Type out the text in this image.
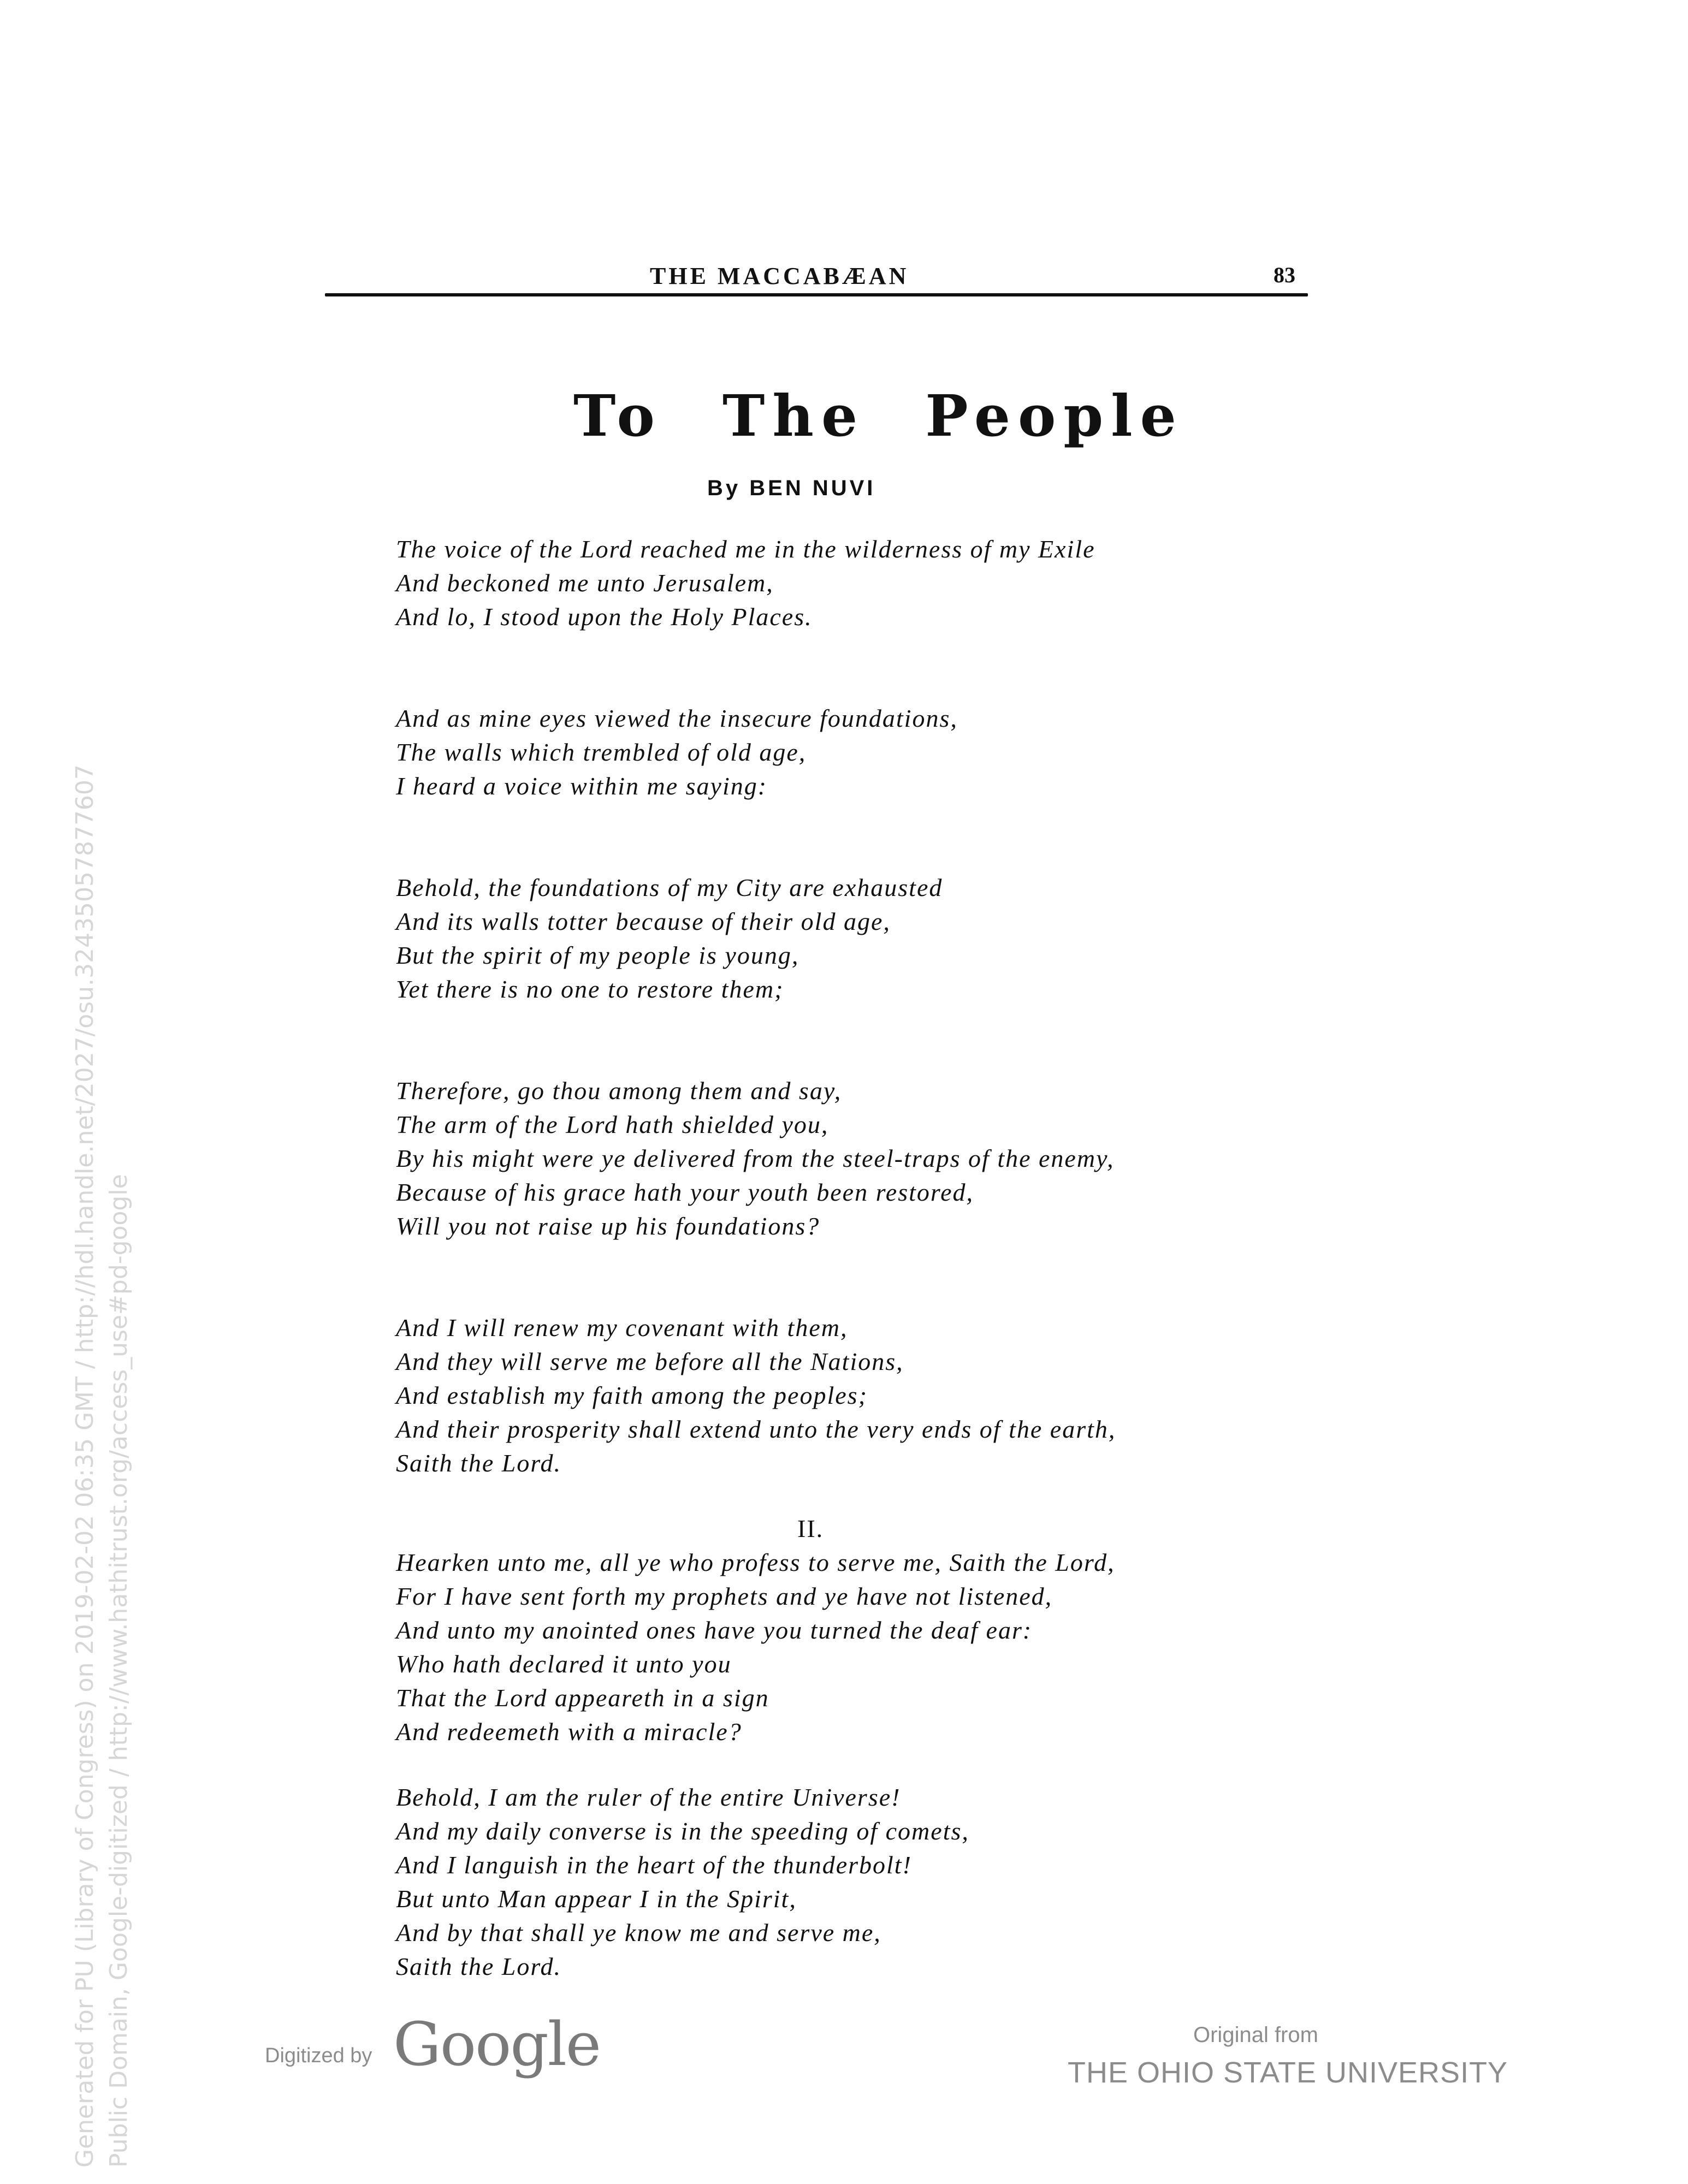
THE MACCABÆAN	83
To The People
By BEN NUVI
The voice of the Lord reached me in the wilderness of my Exile
And beckoned me unto Jerusalem,
And lo, I stood upon the Holy Places.
And as mine eyes viewed the insecure foundations,
The walls which trembled of old age,
I heard a voice within me saying:
Behold, the foundations of my City are exhausted
And its walls totter because of their old age,
But the spirit of my people is young,
Yet there is no one to restore them;
Therefore, go thou among them and say,
The arm of the Lord hath shielded you,
By his might were ye delivered from the steel-traps of the enemy,
Because of his grace hath your youth been restored,
Will you not raise up his foundations?
And I will renew my covenant with them,
And they will serve me before all the Nations,
And establish my faith among the peoples;
And their prosperity shall extend unto the very ends of the earth,
Saith the Lord.
II.
Hearken unto me, all ye who profess to serve me, Saith the Lord,
For I have sent forth my prophets and ye have not listened,
And unto my anointed ones have you turned the deaf ear:
Who hath declared it unto you
That the Lord appeareth in a sign
And redeemeth with a miracle?
Behold, I am the ruler of the entire Universe!
And my daily converse is in the speeding of comets,
And I languish in the heart of the thunderbolt!
But unto Man appear I in the Spirit,
And by that shall ye know me and serve me,
Saith the Lord.
Generated for PU (Library of Congress) on 2019-02-02 06:35 GMT / http://hdl.handle.net/2027/osu.32435057877607 Public Domain, Google-digitized / http://www.hathitrust.org/access_use#pd-google	Digitized by Google	Original from
THE OHIO STATE UNIVERSITY
